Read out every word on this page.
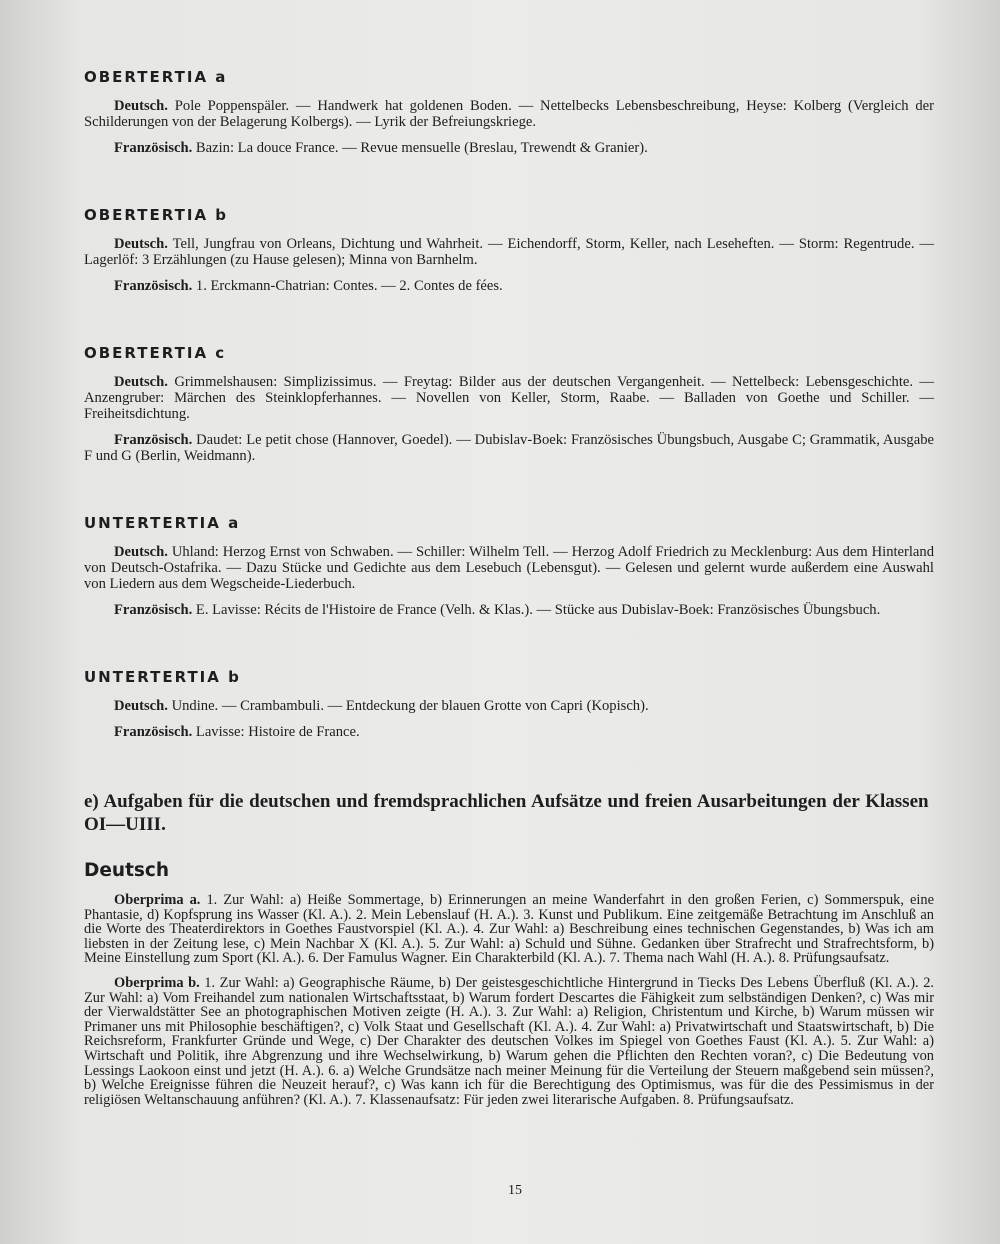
OBERTERTIA a

Deutsch. Pole Poppenspäler. — Handwerk hat goldenen Boden. — Nettelbecks Lebensbeschreibung, Heyse: Kolberg (Vergleich der Schilderungen von der Belagerung Kolbergs). — Lyrik der Befreiungskriege.

Französisch. Bazin: La douce France. — Revue mensuelle (Breslau, Trewendt & Granier).

OBERTERTIA b

Deutsch. Tell, Jungfrau von Orleans, Dichtung und Wahrheit. — Eichendorff, Storm, Keller, nach Leseheften. — Storm: Regentrude. — Lagerlöf: 3 Erzählungen (zu Hause gelesen); Minna von Barnhelm.

Französisch. 1. Erckmann-Chatrian: Contes. — 2. Contes de fées.

OBERTERTIA c

Deutsch. Grimmelshausen: Simplizissimus. — Freytag: Bilder aus der deutschen Vergangenheit. — Nettelbeck: Lebensgeschichte. — Anzengruber: Märchen des Steinklopferhannes. — Novellen von Keller, Storm, Raabe. — Balladen von Goethe und Schiller. — Freiheitsdichtung.

Französisch. Daudet: Le petit chose (Hannover, Goedel). — Dubislav-Boek: Französisches Übungsbuch, Ausgabe C; Grammatik, Ausgabe F und G (Berlin, Weidmann).

UNTERTERTIA a

Deutsch. Uhland: Herzog Ernst von Schwaben. — Schiller: Wilhelm Tell. — Herzog Adolf Friedrich zu Mecklenburg: Aus dem Hinterland von Deutsch-Ostafrika. — Dazu Stücke und Gedichte aus dem Lesebuch (Lebensgut). — Gelesen und gelernt wurde außerdem eine Auswahl von Liedern aus dem Wegscheide-Liederbuch.

Französisch. E. Lavisse: Récits de l'Histoire de France (Velh. & Klas.). — Stücke aus Dubislav-Boek: Französisches Übungsbuch.

UNTERTERTIA b

Deutsch. Undine. — Crambambuli. — Entdeckung der blauen Grotte von Capri (Kopisch).

Französisch. Lavisse: Histoire de France.

e) Aufgaben für die deutschen und fremdsprachlichen Aufsätze und freien Ausarbeitungen der Klassen OI—UIII.
Deutsch

Oberprima a. 1. Zur Wahl: a) Heiße Sommertage, b) Erinnerungen an meine Wanderfahrt in den großen Ferien, c) Sommerspuk, eine Phantasie, d) Kopfsprung ins Wasser (Kl. A.). 2. Mein Lebenslauf (H. A.). 3. Kunst und Publikum. Eine zeitgemäße Betrachtung im Anschluß an die Worte des Theaterdirektors in Goethes Faustvorspiel (Kl. A.). 4. Zur Wahl: a) Beschreibung eines technischen Gegenstandes, b) Was ich am liebsten in der Zeitung lese, c) Mein Nachbar X (Kl. A.). 5. Zur Wahl: a) Schuld und Sühne. Gedanken über Strafrecht und Strafrechtsform, b) Meine Einstellung zum Sport (Kl. A.). 6. Der Famulus Wagner. Ein Charakterbild (Kl. A.). 7. Thema nach Wahl (H. A.). 8. Prüfungsaufsatz.

Oberprima b. 1. Zur Wahl: a) Geographische Räume, b) Der geistesgeschichtliche Hintergrund in Tiecks Des Lebens Überfluß (Kl. A.). 2. Zur Wahl: a) Vom Freihandel zum nationalen Wirtschaftsstaat, b) Warum fordert Descartes die Fähigkeit zum selbständigen Denken?, c) Was mir der Vierwaldstätter See an photographischen Motiven zeigte (H. A.). 3. Zur Wahl: a) Religion, Christentum und Kirche, b) Warum müssen wir Primaner uns mit Philosophie beschäftigen?, c) Volk Staat und Gesellschaft (Kl. A.). 4. Zur Wahl: a) Privatwirtschaft und Staatswirtschaft, b) Die Reichsreform, Frankfurter Gründe und Wege, c) Der Charakter des deutschen Volkes im Spiegel von Goethes Faust (Kl. A.). 5. Zur Wahl: a) Wirtschaft und Politik, ihre Abgrenzung und ihre Wechselwirkung, b) Warum gehen die Pflichten den Rechten voran?, c) Die Bedeutung von Lessings Laokoon einst und jetzt (H. A.). 6. a) Welche Grundsätze nach meiner Meinung für die Verteilung der Steuern maßgebend sein müssen?, b) Welche Ereignisse führen die Neuzeit herauf?, c) Was kann ich für die Berechtigung des Optimismus, was für die des Pessimismus in der religiösen Weltanschauung anführen? (Kl. A.). 7. Klassenaufsatz: Für jeden zwei literarische Aufgaben. 8. Prüfungsaufsatz.

15
